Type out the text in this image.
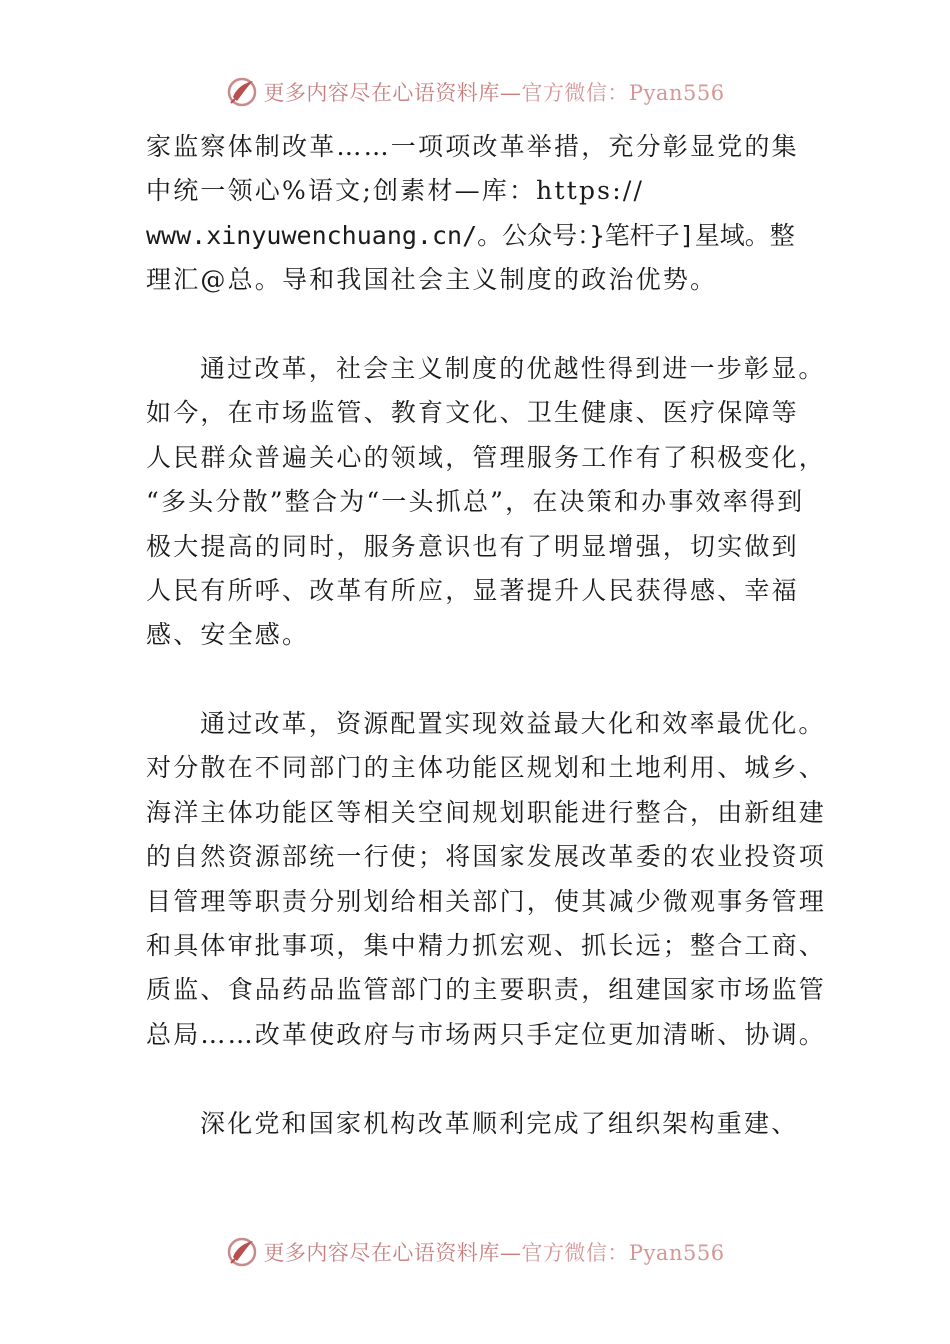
更多内容尽在心语资料库—官方微信：Pyan556
家监察体制改革……一项项改革举措，充分彰显党的集
中统一领心%语文;创素材—库：https://
www.xinyuwenchuang.cn/。公众号：}笔杆子]星域。整
理汇@总。导和我国社会主义制度的政治优势。
通过改革，社会主义制度的优越性得到进一步彰显。
如今，在市场监管、教育文化、卫生健康、医疗保障等
人民群众普遍关心的领域，管理服务工作有了积极变化，
“多头分散”整合为“一头抓总”，在决策和办事效率得到
极大提高的同时，服务意识也有了明显增强，切实做到
人民有所呼、改革有所应，显著提升人民获得感、幸福
感、安全感。
通过改革，资源配置实现效益最大化和效率最优化。
对分散在不同部门的主体功能区规划和土地利用、城乡、
海洋主体功能区等相关空间规划职能进行整合，由新组建
的自然资源部统一行使；将国家发展改革委的农业投资项
目管理等职责分别划给相关部门，使其减少微观事务管理
和具体审批事项，集中精力抓宏观、抓长远；整合工商、
质监、食品药品监管部门的主要职责，组建国家市场监管
总局……改革使政府与市场两只手定位更加清晰、协调。
深化党和国家机构改革顺利完成了组织架构重建、
更多内容尽在心语资料库—官方微信：Pyan556
